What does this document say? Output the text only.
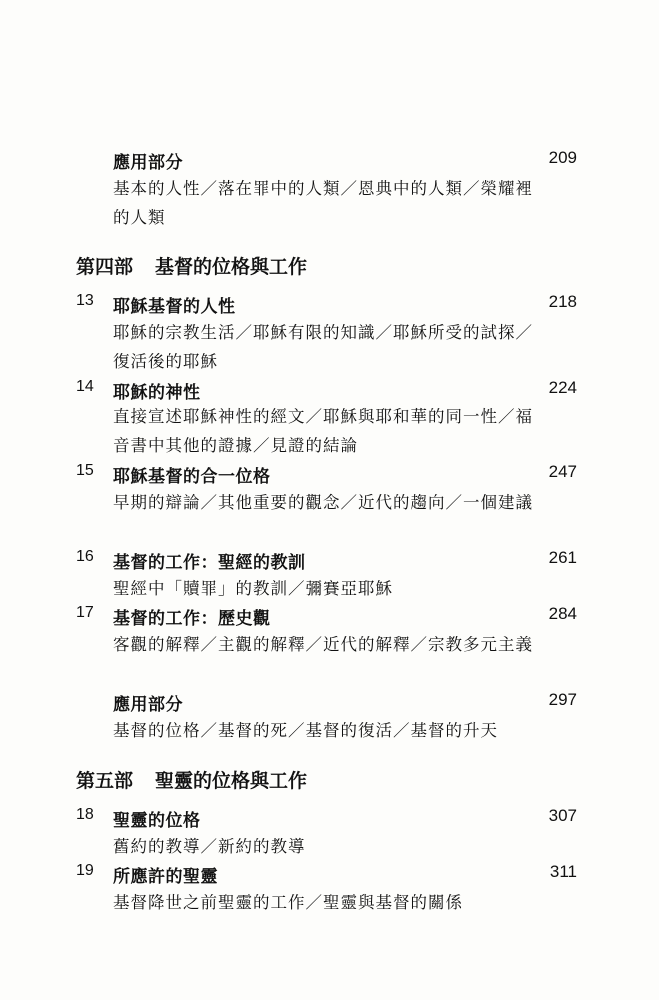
應用部分	209
基本的人性／落在罪中的人類／恩典中的人類／榮耀裡的人類
第四部 基督的位格與工作
13 耶穌基督的人性	218
耶穌的宗教生活／耶穌有限的知識／耶穌所受的試探／復活後的耶穌
14 耶穌的神性	224
直接宣述耶穌神性的經文／耶穌與耶和華的同一性／福音書中其他的證據／見證的結論
15 耶穌基督的合一位格	247
早期的辯論／其他重要的觀念／近代的趨向／一個建議
16 基督的工作：聖經的教訓	261
聖經中「贖罪」的教訓／彌賽亞耶穌
17 基督的工作：歷史觀	284
客觀的解釋／主觀的解釋／近代的解釋／宗教多元主義
應用部分	297
基督的位格／基督的死／基督的復活／基督的升天
第五部 聖靈的位格與工作
18 聖靈的位格	307
舊約的教導／新約的教導
19 所應許的聖靈	311
基督降世之前聖靈的工作／聖靈與基督的關係
